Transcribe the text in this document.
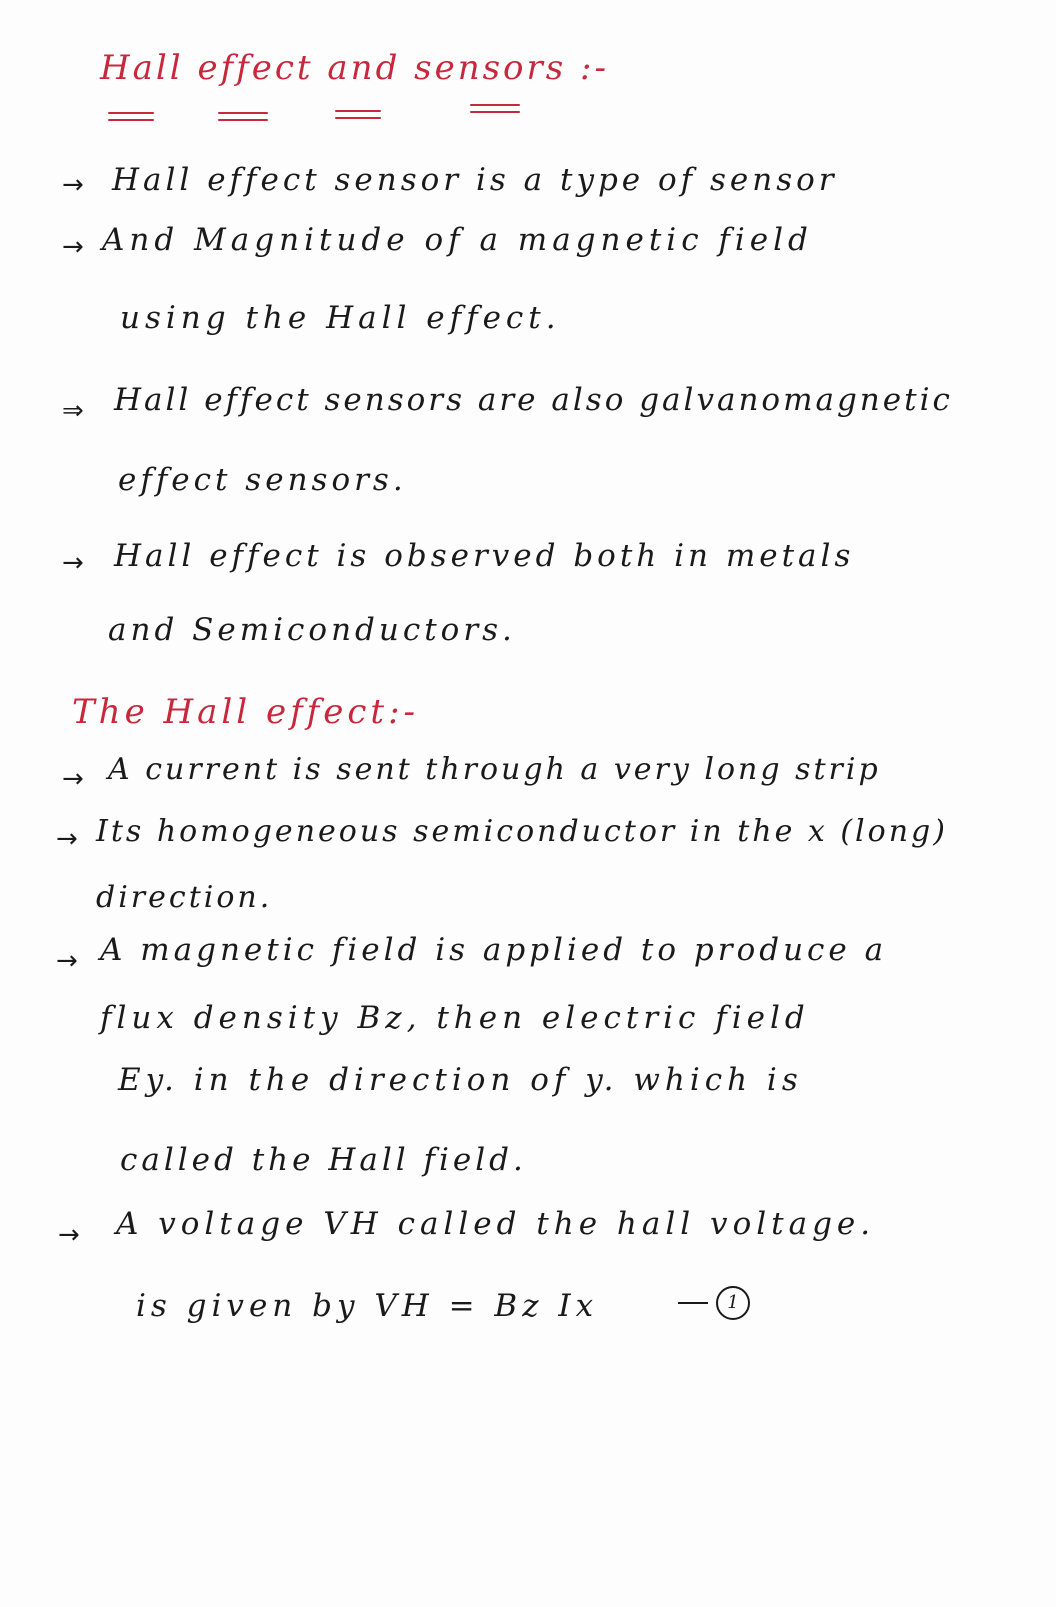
Hall effect and sensors :-
→ Hall effect sensor is a type of sensor
→ And Magnitude of a magnetic field
using the Hall effect.
⇒ Hall effect sensors are also galvanomagnetic
effect sensors.
→ Hall effect is observed both in metals
and Semiconductors.
The Hall effect:-
→ A current is sent through a very long strip
→ Its homogeneous semiconductor in the x (long)
direction.
→ A magnetic field is applied to produce a
flux density Bz, then electric field
Ey. in the direction of y. which is
called the Hall field.
→ A voltage VH called the hall voltage.
is given by VH = Bz Ix	1
